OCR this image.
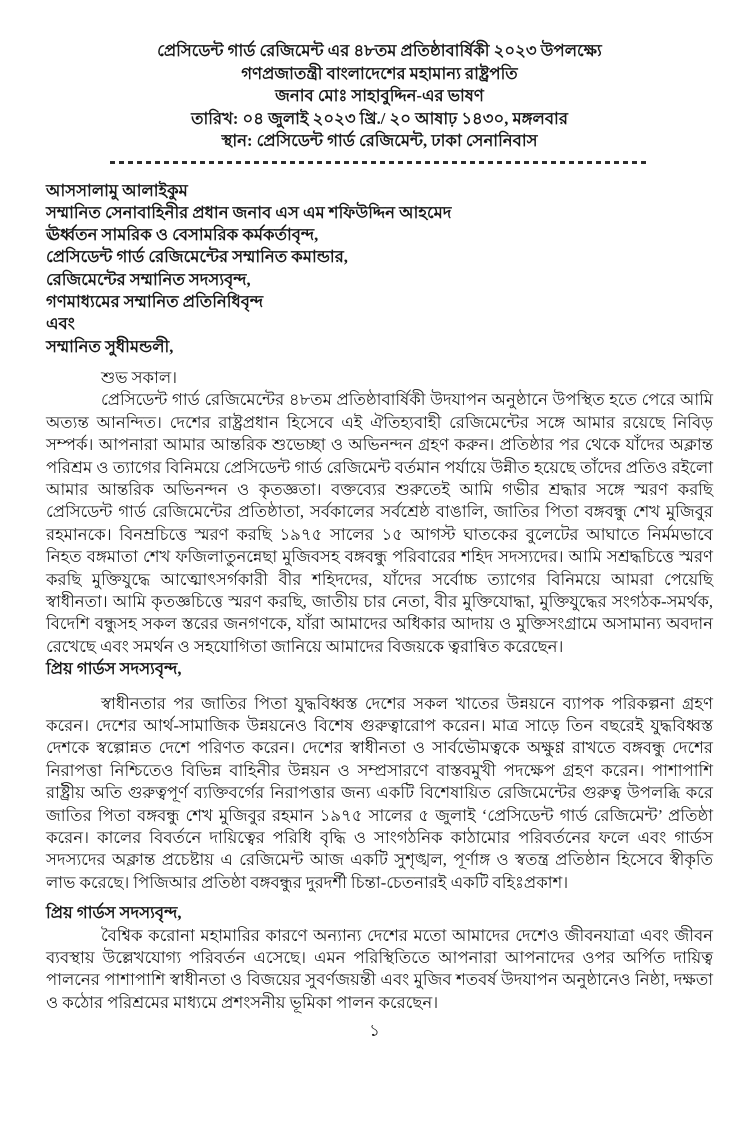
প্রেসিডেন্ট গার্ড রেজিমেন্ট এর ৪৮তম প্রতিষ্ঠাবার্ষিকী ২০২৩ উপলক্ষ্যে
গণপ্রজাতন্ত্রী বাংলাদেশের মহামান্য রাষ্ট্রপতি
জনাব মোঃ সাহাবুদ্দিন-এর ভাষণ
তারিখ: ০৪ জুলাই ২০২৩ খ্রি./ ২০ আষাঢ় ১৪৩০, মঙ্গলবার
স্থান: প্রেসিডেন্ট গার্ড রেজিমেন্ট, ঢাকা সেনানিবাস
আসসালামু আলাইকুম
সম্মানিত সেনাবাহিনীর প্রধান জনাব এস এম শফিউদ্দিন আহমেদ
ঊর্ধ্বতন সামরিক ও বেসামরিক কর্মকর্তাবৃন্দ,
প্রেসিডেন্ট গার্ড রেজিমেন্টের সম্মানিত কমান্ডার,
রেজিমেন্টের সম্মানিত সদস্যবৃন্দ,
গণমাধ্যমের সম্মানিত প্রতিনিধিবৃন্দ
এবং
সম্মানিত সুধীমন্ডলী,

শুভ সকাল।

প্রেসিডেন্ট গার্ড রেজিমেন্টের ৪৮তম প্রতিষ্ঠাবার্ষিকী উদযাপন অনুষ্ঠানে উপস্থিত হতে পেরে আমি অত্যন্ত আনন্দিত। দেশের রাষ্ট্রপ্রধান হিসেবে এই ঐতিহ্যবাহী রেজিমেন্টের সঙ্গে আমার রয়েছে নিবিড় সম্পর্ক। আপনারা আমার আন্তরিক শুভেচ্ছা ও অভিনন্দন গ্রহণ করুন। প্রতিষ্ঠার পর থেকে যাঁদের অক্লান্ত পরিশ্রম ও ত্যাগের বিনিময়ে প্রেসিডেন্ট গার্ড রেজিমেন্ট বর্তমান পর্যায়ে উন্নীত হয়েছে তাঁদের প্রতিও রইলো আমার আন্তরিক অভিনন্দন ও কৃতজ্ঞতা। বক্তব্যের শুরুতেই আমি গভীর শ্রদ্ধার সঙ্গে স্মরণ করছি প্রেসিডেন্ট গার্ড রেজিমেন্টের প্রতিষ্ঠাতা, সর্বকালের সর্বশ্রেষ্ঠ বাঙালি, জাতির পিতা বঙ্গবন্ধু শেখ মুজিবুর রহমানকে। বিনম্রচিত্তে স্মরণ করছি ১৯৭৫ সালের ১৫ আগস্ট ঘাতকের বুলেটের আঘাতে নির্মমভাবে নিহত বঙ্গমাতা শেখ ফজিলাতুনন্নেছা মুজিবসহ বঙ্গবন্ধু পরিবারের শহিদ সদস্যদের। আমি সশ্রদ্ধচিত্তে স্মরণ করছি মুক্তিযুদ্ধে আত্মোৎসর্গকারী বীর শহিদদের, যাঁদের সর্বোচ্চ ত্যাগের বিনিময়ে আমরা পেয়েছি স্বাধীনতা। আমি কৃতজ্ঞচিত্তে স্মরণ করছি, জাতীয় চার নেতা, বীর মুক্তিযোদ্ধা, মুক্তিযুদ্ধের সংগঠক-সমর্থক, বিদেশি বন্ধুসহ সকল স্তরের জনগণকে, যাঁরা আমাদের অধিকার আদায় ও মুক্তিসংগ্রামে অসামান্য অবদান রেখেছে এবং সমর্থন ও সহযোগিতা জানিয়ে আমাদের বিজয়কে ত্বরান্বিত করেছেন।

প্রিয় গার্ডস সদস্যবৃন্দ,

স্বাধীনতার পর জাতির পিতা যুদ্ধবিধ্বস্ত দেশের সকল খাতের উন্নয়নে ব্যাপক পরিকল্পনা গ্রহণ করেন। দেশের আর্থ-সামাজিক উন্নয়নেও বিশেষ গুরুত্বারোপ করেন। মাত্র সাড়ে তিন বছরেই যুদ্ধবিধ্বস্ত দেশকে স্বল্পোন্নত দেশে পরিণত করেন। দেশের স্বাধীনতা ও সার্বভৌমত্বকে অক্ষুণ্ণ রাখতে বঙ্গবন্ধু দেশের নিরাপত্তা নিশ্চিতেও বিভিন্ন বাহিনীর উন্নয়ন ও সম্প্রসারণে বাস্তবমুখী পদক্ষেপ গ্রহণ করেন। পাশাপাশি রাষ্ট্রীয় অতি গুরুত্বপূর্ণ ব্যক্তিবর্গের নিরাপত্তার জন্য একটি বিশেষায়িত রেজিমেন্টের গুরুত্ব উপলব্ধি করে জাতির পিতা বঙ্গবন্ধু শেখ মুজিবুর রহমান ১৯৭৫ সালের ৫ জুলাই ‘প্রেসিডেন্ট গার্ড রেজিমেন্ট’ প্রতিষ্ঠা করেন। কালের বিবর্তনে দায়িত্বের পরিধি বৃদ্ধি ও সাংগঠনিক কাঠামোর পরিবর্তনের ফলে এবং গার্ডস সদস্যদের অক্লান্ত প্রচেষ্টায় এ রেজিমেন্ট আজ একটি সুশৃঙ্খল, পূর্ণাঙ্গ ও স্বতন্ত্র প্রতিষ্ঠান হিসেবে স্বীকৃতি লাভ করেছে। পিজিআর প্রতিষ্ঠা বঙ্গবন্ধুর দুরদর্শী চিন্তা-চেতনারই একটি বহিঃপ্রকাশ।

প্রিয় গার্ডস সদস্যবৃন্দ,

বৈশ্বিক করোনা মহামারির কারণে অন্যান্য দেশের মতো আমাদের দেশেও জীবনযাত্রা এবং জীবন ব্যবস্থায় উল্লেখযোগ্য পরিবর্তন এসেছে। এমন পরিস্থিতিতে আপনারা আপনাদের ওপর অর্পিত দায়িত্ব পালনের পাশাপাশি স্বাধীনতা ও বিজয়ের সুবর্ণজয়ন্তী এবং মুজিব শতবর্ষ উদযাপন অনুষ্ঠানেও নিষ্ঠা, দক্ষতা ও কঠোর পরিশ্রমের মাধ্যমে প্রশংসনীয় ভূমিকা পালন করেছেন।

১
